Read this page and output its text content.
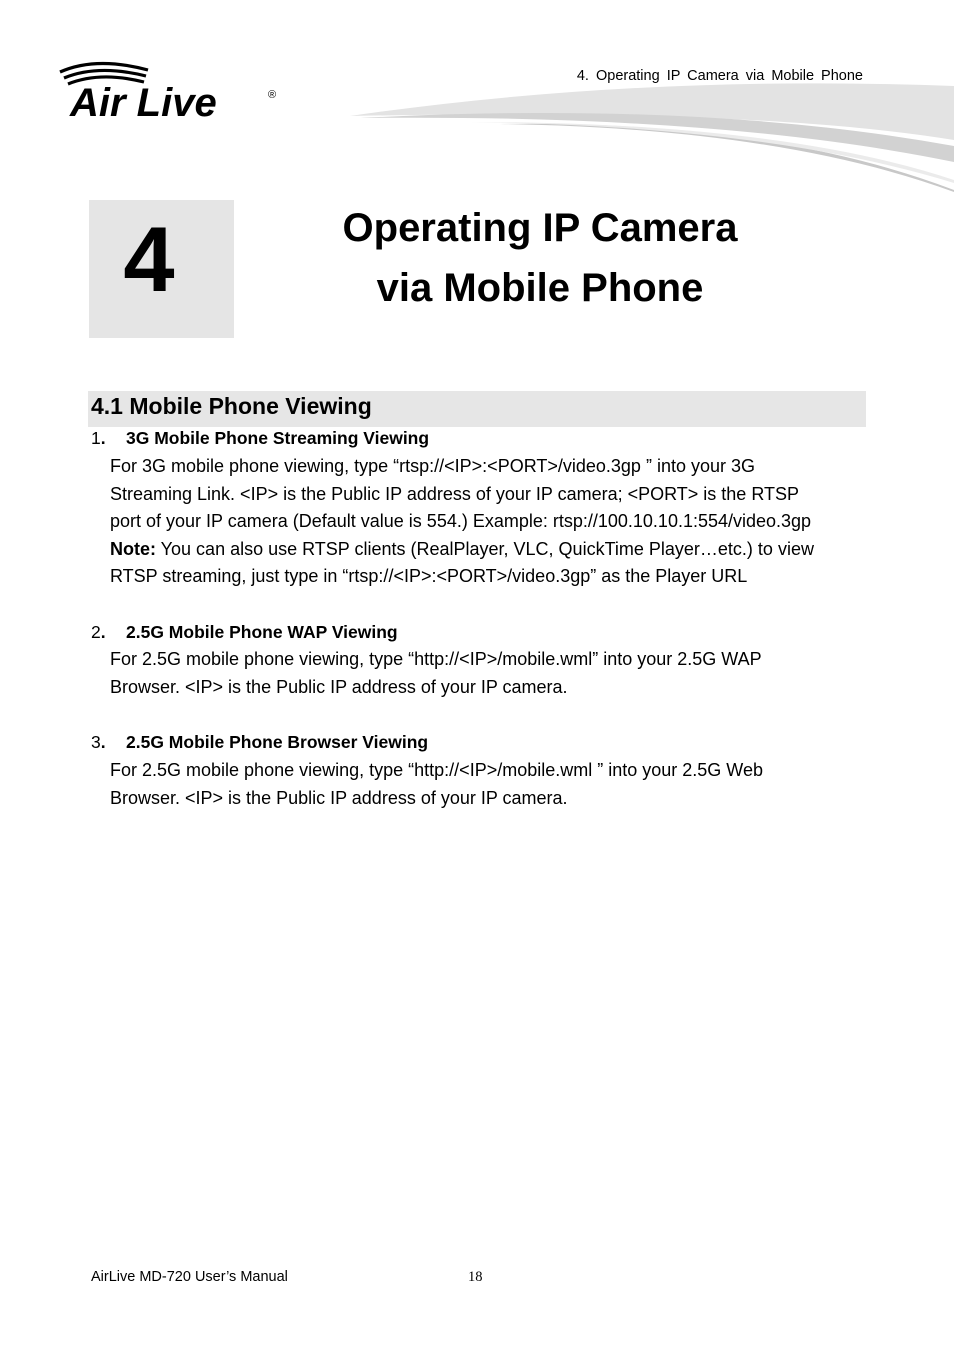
4. Operating IP Camera via Mobile Phone
Air Live	®
4	Operating IP Camera
via Mobile Phone
4.1 Mobile Phone Viewing
1. 3G Mobile Phone Streaming Viewing

For 3G mobile phone viewing, type “rtsp://<IP>:<PORT>/video.3gp ” into your 3G

Streaming Link. <IP> is the Public IP address of your IP camera; <PORT> is the RTSP

port of your IP camera (Default value is 554.) Example: rtsp://100.10.10.1:554/video.3gp

Note: You can also use RTSP clients (RealPlayer, VLC, QuickTime Player…etc.) to view

RTSP streaming, just type in “rtsp://<IP>:<PORT>/video.3gp” as the Player URL

2. 2.5G Mobile Phone WAP Viewing

For 2.5G mobile phone viewing, type “http://<IP>/mobile.wml” into your 2.5G WAP

Browser. <IP> is the Public IP address of your IP camera.

3. 2.5G Mobile Phone Browser Viewing

For 2.5G mobile phone viewing, type “http://<IP>/mobile.wml ” into your 2.5G Web

Browser. <IP> is the Public IP address of your IP camera.

AirLive MD-720 User’s Manual	18
